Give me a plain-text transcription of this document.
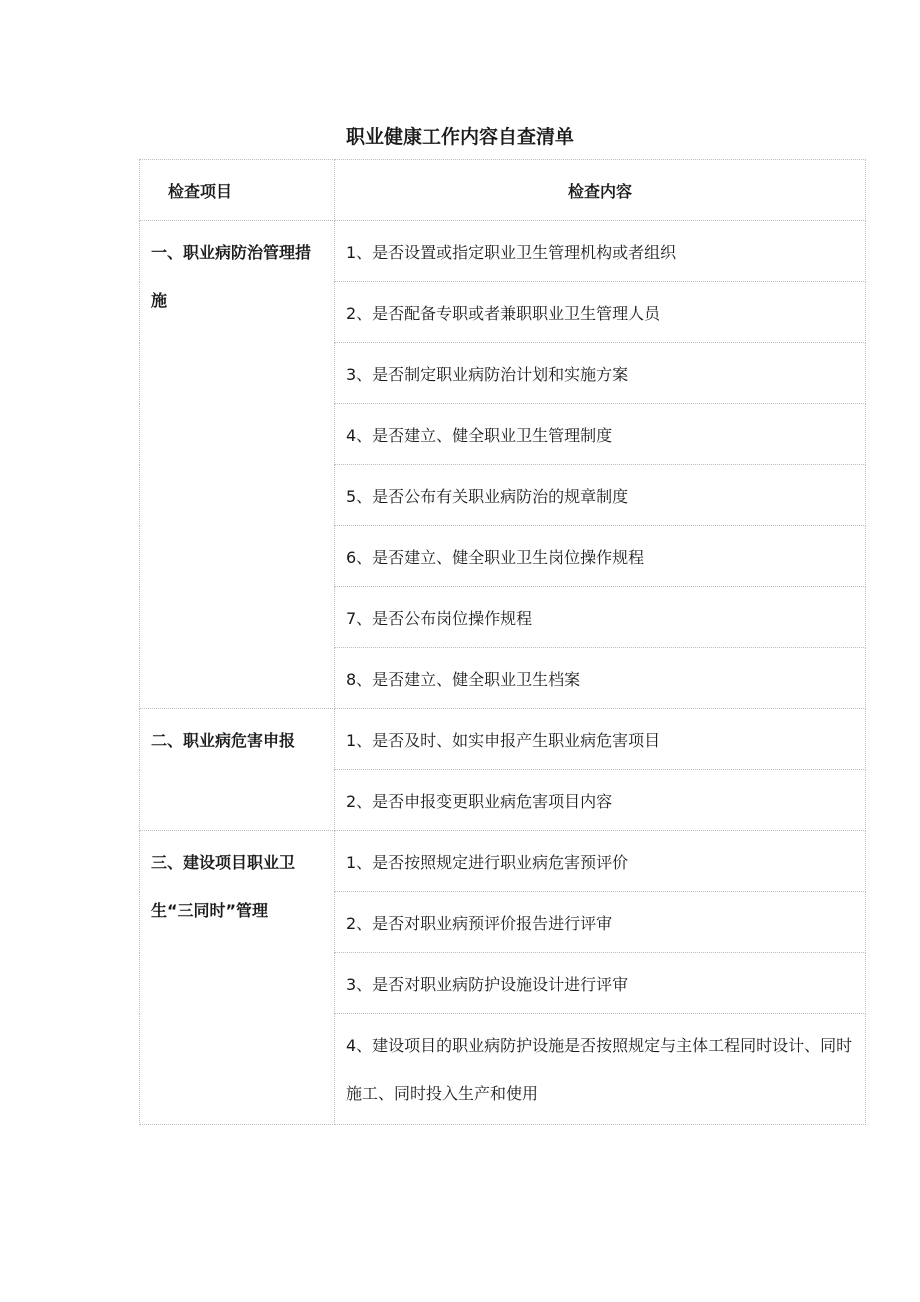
职业健康工作内容自查清单
检查项目	检查内容
一、职业病防治管理措施	1、是否设置或指定职业卫生管理机构或者组织
	2、是否配备专职或者兼职职业卫生管理人员
	3、是否制定职业病防治计划和实施方案
	4、是否建立、健全职业卫生管理制度
	5、是否公布有关职业病防治的规章制度
	6、是否建立、健全职业卫生岗位操作规程
	7、是否公布岗位操作规程
	8、是否建立、健全职业卫生档案
二、职业病危害申报	1、是否及时、如实申报产生职业病危害项目
	2、是否申报变更职业病危害项目内容
三、建设项目职业卫生“三同时”管理	1、是否按照规定进行职业病危害预评价
	2、是否对职业病预评价报告进行评审
	3、是否对职业病防护设施设计进行评审
	4、建设项目的职业病防护设施是否按照规定与主体工程同时设计、同时施工、同时投入生产和使用
